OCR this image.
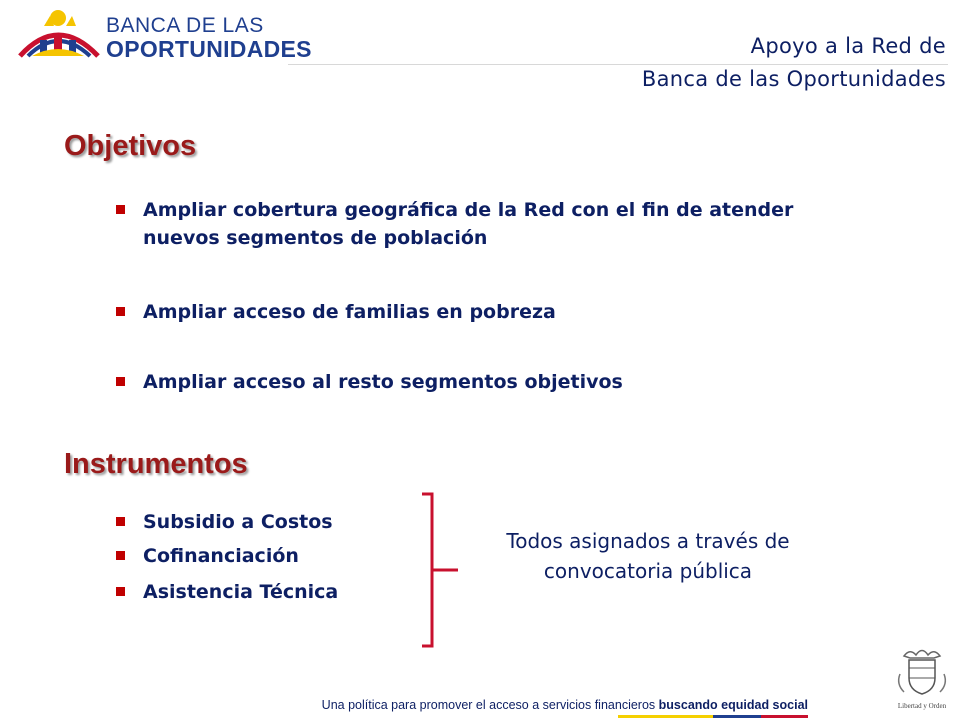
BANCA DE LAS
OPORTUNIDADES	Apoyo a la Red de
Banca de las Oportunidades
Objetivos
Ampliar cobertura geográfica de la Red con el fin de atender nuevos segmentos de población
Ampliar acceso de familias en pobreza
Ampliar acceso al resto segmentos objetivos
Instrumentos
Subsidio a Costos
Cofinanciación
Asistencia Técnica
Todos asignados a través de convocatoria pública
Una política para promover el acceso a servicios financieros buscando equidad social	Libertad y Orden
